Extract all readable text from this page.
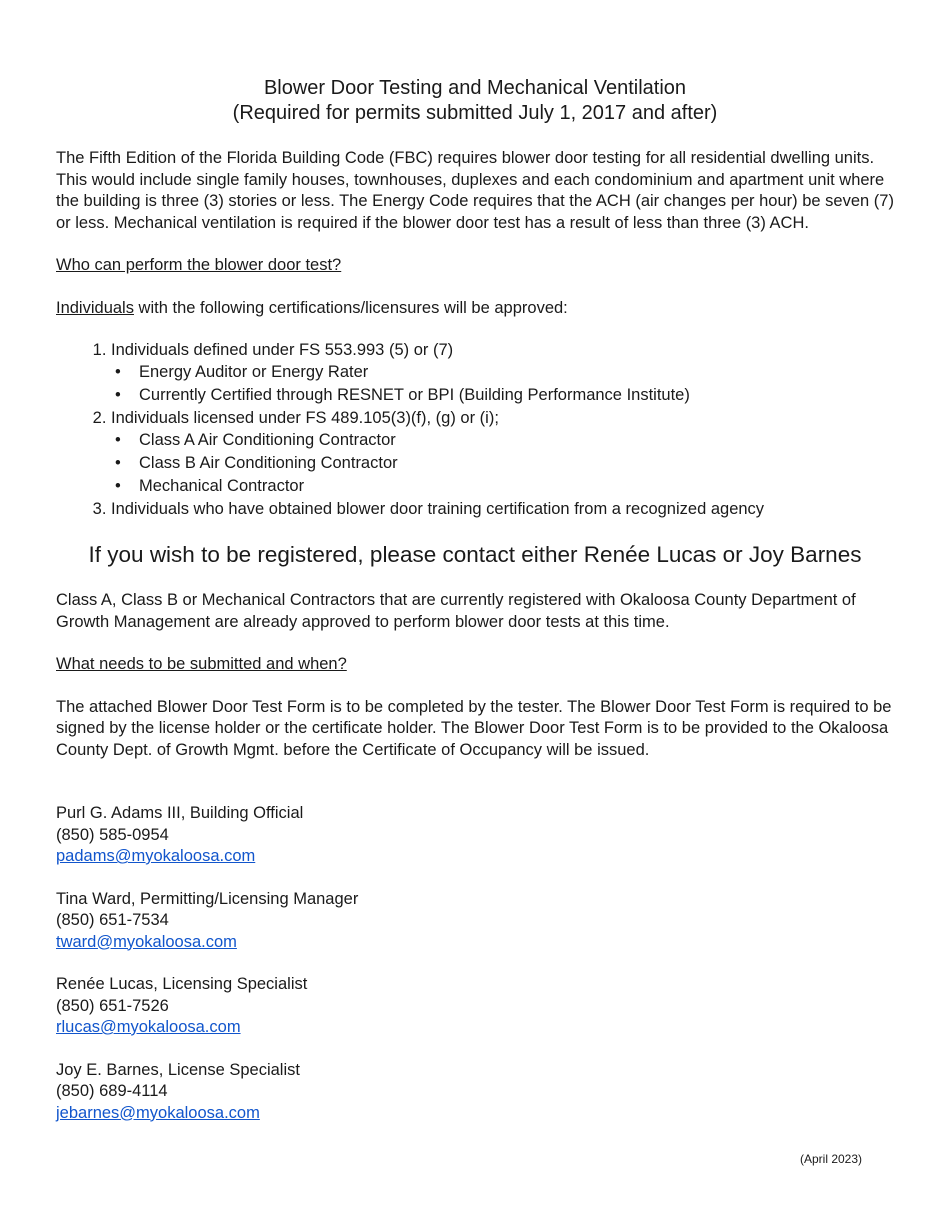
Blower Door Testing and Mechanical Ventilation
(Required for permits submitted July 1, 2017 and after)

The Fifth Edition of the Florida Building Code (FBC) requires blower door testing for all residential dwelling units. This would include single family houses, townhouses, duplexes and each condominium and apartment unit where the building is three (3) stories or less. The Energy Code requires that the ACH (air changes per hour) be seven (7) or less. Mechanical ventilation is required if the blower door test has a result of less than three (3) ACH.

Who can perform the blower door test?

Individuals with the following certifications/licensures will be approved:

1. Individuals defined under FS 553.993 (5) or (7)
• Energy Auditor or Energy Rater
• Currently Certified through RESNET or BPI (Building Performance Institute)
2. Individuals licensed under FS 489.105(3)(f), (g) or (i);
• Class A Air Conditioning Contractor
• Class B Air Conditioning Contractor
• Mechanical Contractor
3. Individuals who have obtained blower door training certification from a recognized agency
If you wish to be registered, please contact either Renée Lucas or Joy Barnes

Class A, Class B or Mechanical Contractors that are currently registered with Okaloosa County Department of Growth Management are already approved to perform blower door tests at this time.

What needs to be submitted and when?

The attached Blower Door Test Form is to be completed by the tester. The Blower Door Test Form is required to be signed by the license holder or the certificate holder. The Blower Door Test Form is to be provided to the Okaloosa County Dept. of Growth Mgmt. before the Certificate of Occupancy will be issued.

Purl G. Adams III, Building Official
(850) 585-0954
padams@myokaloosa.com
Tina Ward, Permitting/Licensing Manager
(850) 651-7534
tward@myokaloosa.com
Renée Lucas, Licensing Specialist
(850) 651-7526
rlucas@myokaloosa.com
Joy E. Barnes, License Specialist
(850) 689-4114
jebarnes@myokaloosa.com
(April 2023)
